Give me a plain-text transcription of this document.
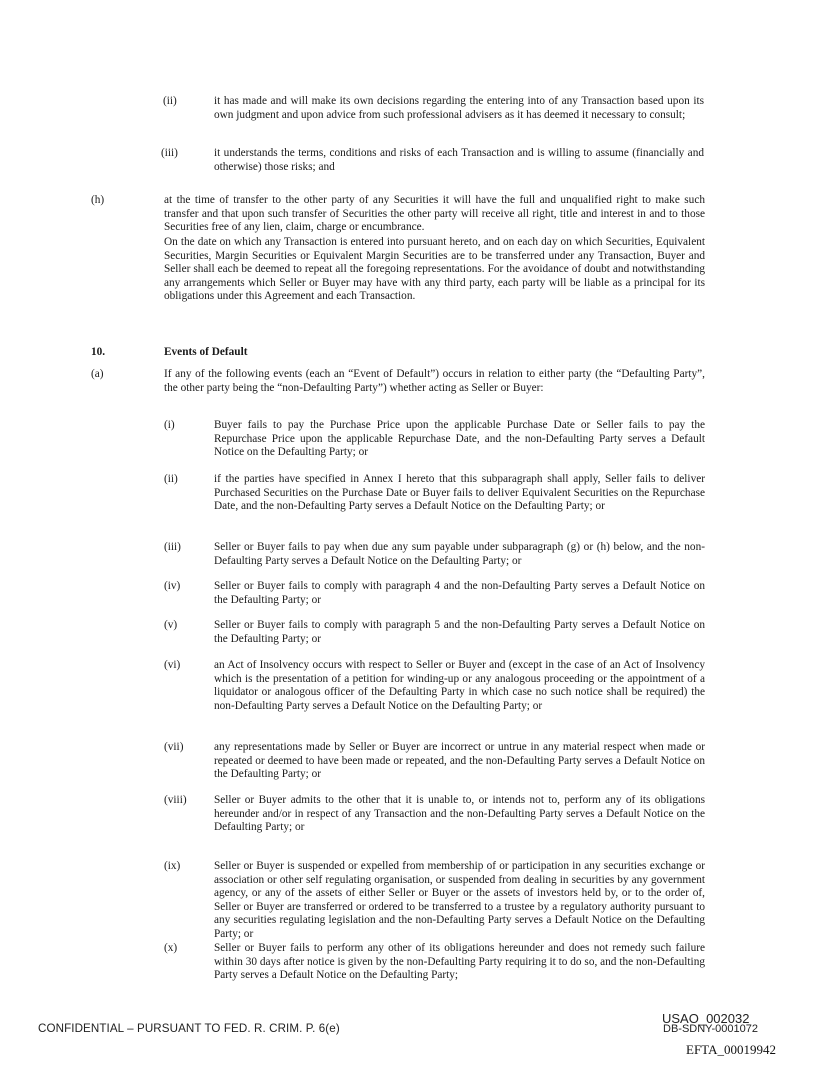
(ii)	it has made and will make its own decisions regarding the entering into of any Transaction based upon its own judgment and upon advice from such professional advisers as it has deemed it necessary to consult;
(iii)	it understands the terms, conditions and risks of each Transaction and is willing to assume (financially and otherwise) those risks; and
(h)	at the time of transfer to the other party of any Securities it will have the full and unqualified right to make such transfer and that upon such transfer of Securities the other party will receive all right, title and interest in and to those Securities free of any lien, claim, charge or encumbrance.
On the date on which any Transaction is entered into pursuant hereto, and on each day on which Securities, Equivalent Securities, Margin Securities or Equivalent Margin Securities are to be transferred under any Transaction, Buyer and Seller shall each be deemed to repeat all the foregoing representations. For the avoidance of doubt and notwithstanding any arrangements which Seller or Buyer may have with any third party, each party will be liable as a principal for its obligations under this Agreement and each Transaction.
10.	Events of Default
(a)	If any of the following events (each an “Event of Default”) occurs in relation to either party (the “Defaulting Party”, the other party being the “non-Defaulting Party”) whether acting as Seller or Buyer:
(i)	Buyer fails to pay the Purchase Price upon the applicable Purchase Date or Seller fails to pay the Repurchase Price upon the applicable Repurchase Date, and the non-Defaulting Party serves a Default Notice on the Defaulting Party; or
(ii)	if the parties have specified in Annex I hereto that this subparagraph shall apply, Seller fails to deliver Purchased Securities on the Purchase Date or Buyer fails to deliver Equivalent Securities on the Repurchase Date, and the non-Defaulting Party serves a Default Notice on the Defaulting Party; or
(iii)	Seller or Buyer fails to pay when due any sum payable under subparagraph (g) or (h) below, and the non-Defaulting Party serves a Default Notice on the Defaulting Party; or
(iv)	Seller or Buyer fails to comply with paragraph 4 and the non-Defaulting Party serves a Default Notice on the Defaulting Party; or
(v)	Seller or Buyer fails to comply with paragraph 5 and the non-Defaulting Party serves a Default Notice on the Defaulting Party; or
(vi)	an Act of Insolvency occurs with respect to Seller or Buyer and (except in the case of an Act of Insolvency which is the presentation of a petition for winding-up or any analogous proceeding or the appointment of a liquidator or analogous officer of the Defaulting Party in which case no such notice shall be required) the non-Defaulting Party serves a Default Notice on the Defaulting Party; or
(vii)	any representations made by Seller or Buyer are incorrect or untrue in any material respect when made or repeated or deemed to have been made or repeated, and the non-Defaulting Party serves a Default Notice on the Defaulting Party; or
(viii) Seller or Buyer admits to the other that it is unable to, or intends not to, perform any of its obligations hereunder and/or in respect of any Transaction and the non-Defaulting Party serves a Default Notice on the Defaulting Party; or
(ix)	Seller or Buyer is suspended or expelled from membership of or participation in any securities exchange or association or other self regulating organisation, or suspended from dealing in securities by any government agency, or any of the assets of either Seller or Buyer or the assets of investors held by, or to the order of, Seller or Buyer are transferred or ordered to be transferred to a trustee by a regulatory authority pursuant to any securities regulating legislation and the non-Defaulting Party serves a Default Notice on the Defaulting Party; or
(x)	Seller or Buyer fails to perform any other of its obligations hereunder and does not remedy such failure within 30 days after notice is given by the non-Defaulting Party requiring it to do so, and the non-Defaulting Party serves a Default Notice on the Defaulting Party;
CONFIDENTIAL – PURSUANT TO FED. R. CRIM. P. 6(e)
USAO_002032
DB-SDNY-0001072
EFTA_00019942
